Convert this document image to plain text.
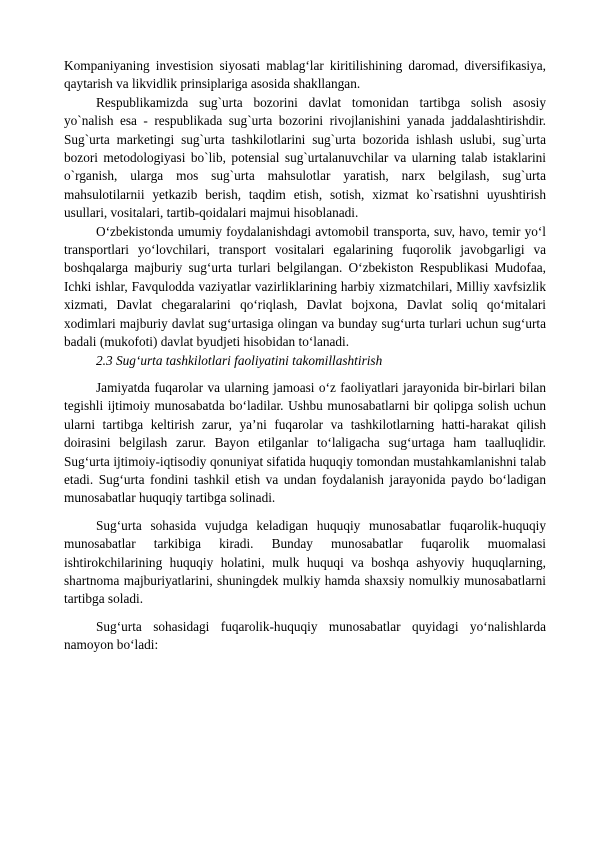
Kompaniyaning investision siyosati mablag‘lar kiritilishining daromad, diversifikasiya, qaytarish va likvidlik prinsiplariga asosida shakllangan.

Respublikamizda sug`urta bozorini davlat tomonidan tartibga solish asosiy yo`nalish esa - respublikada sug`urta bozorini rivojlanishini yanada jaddalashtirishdir. Sug`urta marketingi sug`urta tashkilotlarini sug`urta bozorida ishlash uslubi, sug`urta bozori metodologiyasi bo`lib, potensial sug`urtalanuvchilar va ularning talab istaklarini o`rganish, ularga mos sug`urta mahsulotlar yaratish, narx belgilash, sug`urta mahsulotilarnii yetkazib berish, taqdim etish, sotish, xizmat ko`rsatishni uyushtirish usullari, vositalari, tartib-qoidalari majmui hisoblanadi.

O‘zbekistonda umumiy foydalanishdagi avtomobil transporta, suv, havo, temir yo‘l transportlari yo‘lovchilari, transport vositalari egalarining fuqorolik javobgarligi va boshqalarga majburiy sug‘urta turlari belgilangan. O‘zbekiston Respublikasi Mudofaa, Ichki ishlar, Favqulodda vaziyatlar vazirliklarining harbiy xizmatchilari, Milliy xavfsizlik xizmati, Davlat chegaralarini qo‘riqlash, Davlat bojxona, Davlat soliq qo‘mitalari xodimlari majburiy davlat sug‘urtasiga olingan va bunday sug‘urta turlari uchun sug‘urta badali (mukofoti) davlat byudjeti hisobidan to‘lanadi.

2.3 Sug‘urta tashkilotlari faoliyatini takomillashtirish

Jamiyatda fuqarolar va ularning jamoasi o‘z faoliyatlari jarayonida bir-birlari bilan tegishli ijtimoiy munosabatda bo‘ladilar. Ushbu munosabatlarni bir qolipga solish uchun ularni tartibga keltirish zarur, ya’ni fuqarolar va tashkilotlarning hatti-harakat qilish doirasini belgilash zarur. Bayon etilganlar to‘laligacha sug‘urtaga ham taalluqlidir. Sug‘urta ijtimoiy-iqtisodiy qonuniyat sifatida huquqiy tomondan mustahkamlanishni talab etadi. Sug‘urta fondini tashkil etish va undan foydalanish jarayonida paydo bo‘ladigan munosabatlar huquqiy tartibga solinadi.

Sug‘urta sohasida vujudga keladigan huquqiy munosabatlar fuqarolik-huquqiy munosabatlar tarkibiga kiradi. Bunday munosabatlar fuqarolik muomalasi ishtirokchilarining huquqiy holatini, mulk huquqi va boshqa ashyoviy huquqlarning, shartnoma majburiyatlarini, shuningdek mulkiy hamda shaxsiy nomulkiy munosabatlarni tartibga soladi.

Sug‘urta sohasidagi fuqarolik-huquqiy munosabatlar quyidagi yo‘nalishlarda namoyon bo‘ladi:
